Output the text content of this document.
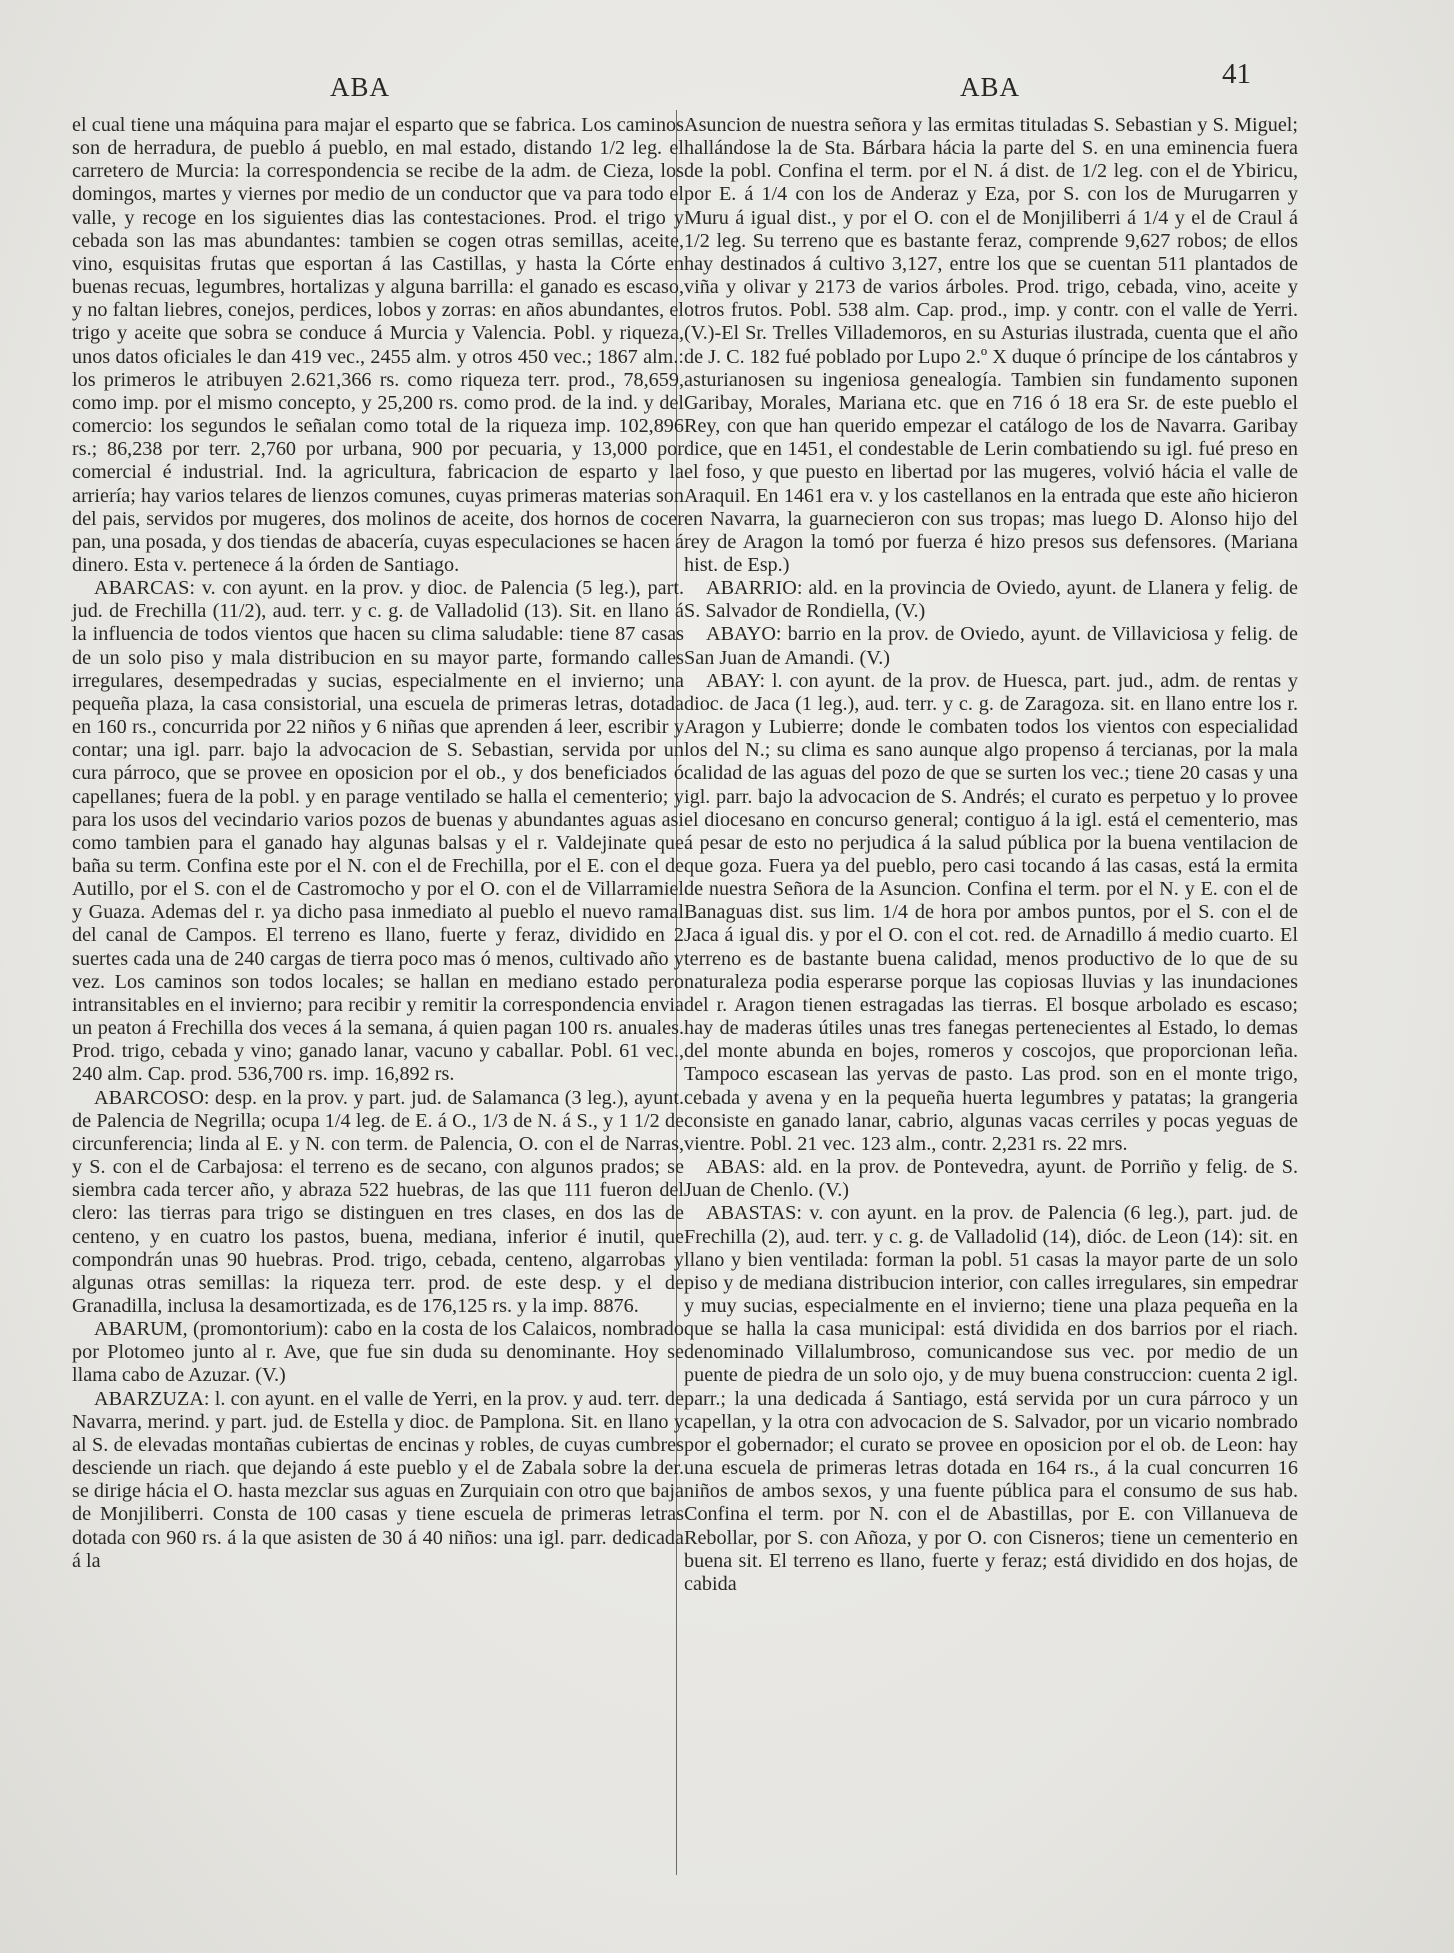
ABA	ABA	41

el cual tiene una máquina para majar el esparto que se fabrica. Los caminos son de herradura, de pueblo á pueblo, en mal estado, distando 1/2 leg. el carretero de Murcia: la correspondencia se recibe de la adm. de Cieza, los domingos, martes y viernes por medio de un conductor que va para todo el valle, y recoge en los siguientes dias las contestaciones. Prod. el trigo y cebada son las mas abundantes: tambien se cogen otras semillas, aceite, vino, esquisitas frutas que esportan á las Castillas, y hasta la Córte en buenas recuas, legumbres, hortalizas y alguna barrilla: el ganado es escaso, y no faltan liebres, conejos, perdices, lobos y zorras: en años abundantes, el trigo y aceite que sobra se conduce á Murcia y Valencia. Pobl. y riqueza, unos datos oficiales le dan 419 vec., 2455 alm. y otros 450 vec.; 1867 alm.: los primeros le atribuyen 2.621,366 rs. como riqueza terr. prod., 78,659, como imp. por el mismo concepto, y 25,200 rs. como prod. de la ind. y del comercio: los segundos le señalan como total de la riqueza imp. 102,896 rs.; 86,238 por terr. 2,760 por urbana, 900 por pecuaria, y 13,000 por comercial é industrial. Ind. la agricultura, fabricacion de esparto y la arriería; hay varios telares de lienzos comunes, cuyas primeras materias son del pais, servidos por mugeres, dos molinos de aceite, dos hornos de cocer pan, una posada, y dos tiendas de abacería, cuyas especulaciones se hacen á dinero. Esta v. pertenece á la órden de Santiago.

ABARCAS: v. con ayunt. en la prov. y dioc. de Palencia (5 leg.), part. jud. de Frechilla (11/2), aud. terr. y c. g. de Valladolid (13). Sit. en llano á la influencia de todos vientos que hacen su clima saludable: tiene 87 casas de un solo piso y mala distribucion en su mayor parte, formando calles irregulares, desempedradas y sucias, especialmente en el invierno; una pequeña plaza, la casa consistorial, una escuela de primeras letras, dotada en 160 rs., concurrida por 22 niños y 6 niñas que aprenden á leer, escribir y contar; una igl. parr. bajo la advocacion de S. Sebastian, servida por un cura párroco, que se provee en oposicion por el ob., y dos beneficiados ó capellanes; fuera de la pobl. y en parage ventilado se halla el cementerio; y para los usos del vecindario varios pozos de buenas y abundantes aguas asi como tambien para el ganado hay algunas balsas y el r. Valdejinate que baña su term. Confina este por el N. con el de Frechilla, por el E. con el de Autillo, por el S. con el de Castromocho y por el O. con el de Villarramiel y Guaza. Ademas del r. ya dicho pasa inmediato al pueblo el nuevo ramal del canal de Campos. El terreno es llano, fuerte y feraz, dividido en 2 suertes cada una de 240 cargas de tierra poco mas ó menos, cultivado año y vez. Los caminos son todos locales; se hallan en mediano estado pero intransitables en el invierno; para recibir y remitir la correspondencia envia un peaton á Frechilla dos veces á la semana, á quien pagan 100 rs. anuales. Prod. trigo, cebada y vino; ganado lanar, vacuno y caballar. Pobl. 61 vec., 240 alm. Cap. prod. 536,700 rs. imp. 16,892 rs.

ABARCOSO: desp. en la prov. y part. jud. de Salamanca (3 leg.), ayunt. de Palencia de Negrilla; ocupa 1/4 leg. de E. á O., 1/3 de N. á S., y 1 1/2 de circunferencia; linda al E. y N. con term. de Palencia, O. con el de Narras, y S. con el de Carbajosa: el terreno es de secano, con algunos prados; se siembra cada tercer año, y abraza 522 huebras, de las que 111 fueron del clero: las tierras para trigo se distinguen en tres clases, en dos las de centeno, y en cuatro los pastos, buena, mediana, inferior é inutil, que compondrán unas 90 huebras. Prod. trigo, cebada, centeno, algarrobas y algunas otras semillas: la riqueza terr. prod. de este desp. y el de Granadilla, inclusa la desamortizada, es de 176,125 rs. y la imp. 8876.

ABARUM, (promontorium): cabo en la costa de los Calaicos, nombrado por Plotomeo junto al r. Ave, que fue sin duda su denominante. Hoy se llama cabo de Azuzar. (V.)

ABARZUZA: l. con ayunt. en el valle de Yerri, en la prov. y aud. terr. de Navarra, merind. y part. jud. de Estella y dioc. de Pamplona. Sit. en llano y al S. de elevadas montañas cubiertas de encinas y robles, de cuyas cumbres desciende un riach. que dejando á este pueblo y el de Zabala sobre la der. se dirige hácia el O. hasta mezclar sus aguas en Zurquiain con otro que baja de Monjiliberri. Consta de 100 casas y tiene escuela de primeras letras dotada con 960 rs. á la que asisten de 30 á 40 niños: una igl. parr. dedicada á la

Asuncion de nuestra señora y las ermitas tituladas S. Sebastian y S. Miguel; hallándose la de Sta. Bárbara hácia la parte del S. en una eminencia fuera de la pobl. Confina el term. por el N. á dist. de 1/2 leg. con el de Ybiricu, por E. á 1/4 con los de Anderaz y Eza, por S. con los de Murugarren y Muru á igual dist., y por el O. con el de Monjiliberri á 1/4 y el de Craul á 1/2 leg. Su terreno que es bastante feraz, comprende 9,627 robos; de ellos hay destinados á cultivo 3,127, entre los que se cuentan 511 plantados de viña y olivar y 2173 de varios árboles. Prod. trigo, cebada, vino, aceite y otros frutos. Pobl. 538 alm. Cap. prod., imp. y contr. con el valle de Yerri. (V.)-El Sr. Trelles Villademoros, en su Asturias ilustrada, cuenta que el año de J. C. 182 fué poblado por Lupo 2.º X duque ó príncipe de los cántabros y asturianosen su ingeniosa genealogía. Tambien sin fundamento suponen Garibay, Morales, Mariana etc. que en 716 ó 18 era Sr. de este pueblo el Rey, con que han querido empezar el catálogo de los de Navarra. Garibay dice, que en 1451, el condestable de Lerin combatiendo su igl. fué preso en el foso, y que puesto en libertad por las mugeres, volvió hácia el valle de Araquil. En 1461 era v. y los castellanos en la entrada que este año hicieron en Navarra, la guarnecieron con sus tropas; mas luego D. Alonso hijo del rey de Aragon la tomó por fuerza é hizo presos sus defensores. (Mariana hist. de Esp.)

ABARRIO: ald. en la provincia de Oviedo, ayunt. de Llanera y felig. de S. Salvador de Rondiella, (V.)

ABAYO: barrio en la prov. de Oviedo, ayunt. de Villaviciosa y felig. de San Juan de Amandi. (V.)

ABAY: l. con ayunt. de la prov. de Huesca, part. jud., adm. de rentas y dioc. de Jaca (1 leg.), aud. terr. y c. g. de Zaragoza. sit. en llano entre los r. Aragon y Lubierre; donde le combaten todos los vientos con especialidad los del N.; su clima es sano aunque algo propenso á tercianas, por la mala calidad de las aguas del pozo de que se surten los vec.; tiene 20 casas y una igl. parr. bajo la advocacion de S. Andrés; el curato es perpetuo y lo provee el diocesano en concurso general; contiguo á la igl. está el cementerio, mas á pesar de esto no perjudica á la salud pública por la buena ventilacion de que goza. Fuera ya del pueblo, pero casi tocando á las casas, está la ermita de nuestra Señora de la Asuncion. Confina el term. por el N. y E. con el de Banaguas dist. sus lim. 1/4 de hora por ambos puntos, por el S. con el de Jaca á igual dis. y por el O. con el cot. red. de Arnadillo á medio cuarto. El terreno es de bastante buena calidad, menos productivo de lo que de su naturaleza podia esperarse porque las copiosas lluvias y las inundaciones del r. Aragon tienen estragadas las tierras. El bosque arbolado es escaso; hay de maderas útiles unas tres fanegas pertenecientes al Estado, lo demas del monte abunda en bojes, romeros y coscojos, que proporcionan leña. Tampoco escasean las yervas de pasto. Las prod. son en el monte trigo, cebada y avena y en la pequeña huerta legumbres y patatas; la grangeria consiste en ganado lanar, cabrio, algunas vacas cerriles y pocas yeguas de vientre. Pobl. 21 vec. 123 alm., contr. 2,231 rs. 22 mrs.

ABAS: ald. en la prov. de Pontevedra, ayunt. de Porriño y felig. de S. Juan de Chenlo. (V.)

ABASTAS: v. con ayunt. en la prov. de Palencia (6 leg.), part. jud. de Frechilla (2), aud. terr. y c. g. de Valladolid (14), dióc. de Leon (14): sit. en llano y bien ventilada: forman la pobl. 51 casas la mayor parte de un solo piso y de mediana distribucion interior, con calles irregulares, sin empedrar y muy sucias, especialmente en el invierno; tiene una plaza pequeña en la que se halla la casa municipal: está dividida en dos barrios por el riach. denominado Villalumbroso, comunicandose sus vec. por medio de un puente de piedra de un solo ojo, y de muy buena construccion: cuenta 2 igl. parr.; la una dedicada á Santiago, está servida por un cura párroco y un capellan, y la otra con advocacion de S. Salvador, por un vicario nombrado por el gobernador; el curato se provee en oposicion por el ob. de Leon: hay una escuela de primeras letras dotada en 164 rs., á la cual concurren 16 niños de ambos sexos, y una fuente pública para el consumo de sus hab. Confina el term. por N. con el de Abastillas, por E. con Villanueva de Rebollar, por S. con Añoza, y por O. con Cisneros; tiene un cementerio en buena sit. El terreno es llano, fuerte y feraz; está dividido en dos hojas, de cabida
